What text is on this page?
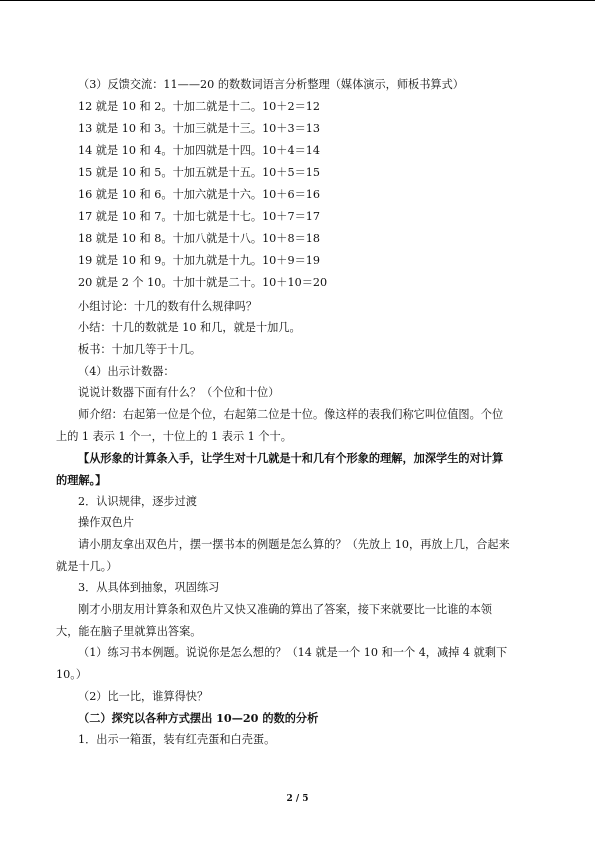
（3）反馈交流：11——20 的数数词语言分析整理（媒体演示，师板书算式）
12 就是 10 和 2。十加二就是十二。10＋2＝12
13 就是 10 和 3。十加三就是十三。10＋3＝13
14 就是 10 和 4。十加四就是十四。10＋4＝14
15 就是 10 和 5。十加五就是十五。10＋5＝15
16 就是 10 和 6。十加六就是十六。10＋6＝16
17 就是 10 和 7。十加七就是十七。10＋7＝17
18 就是 10 和 8。十加八就是十八。10＋8＝18
19 就是 10 和 9。十加九就是十九。10＋9＝19
20 就是 2 个 10。十加十就是二十。10＋10＝20
小组讨论：十几的数有什么规律吗？
小结：十几的数就是 10 和几，就是十加几。
板书：十加几等于十几。
（4）出示计数器：
说说计数器下面有什么？（个位和十位）
师介绍：右起第一位是个位，右起第二位是十位。像这样的表我们称它叫位值图。个位
上的 1 表示 1 个一，十位上的 1 表示 1 个十。
【从形象的计算条入手，让学生对十几就是十和几有个形象的理解，加深学生的对计算
的理解。】
2．认识规律，逐步过渡
操作双色片
请小朋友拿出双色片，摆一摆书本的例题是怎么算的？（先放上 10，再放上几，合起来
就是十几。）
3．从具体到抽象，巩固练习
刚才小朋友用计算条和双色片又快又准确的算出了答案，接下来就要比一比谁的本领
大，能在脑子里就算出答案。
（1）练习书本例题。说说你是怎么想的？（14 就是一个 10 和一个 4，减掉 4 就剩下
10。）
（2）比一比，谁算得快？
（二）探究以各种方式摆出 10—20 的数的分析
1．出示一箱蛋，装有红壳蛋和白壳蛋。
2 / 5
